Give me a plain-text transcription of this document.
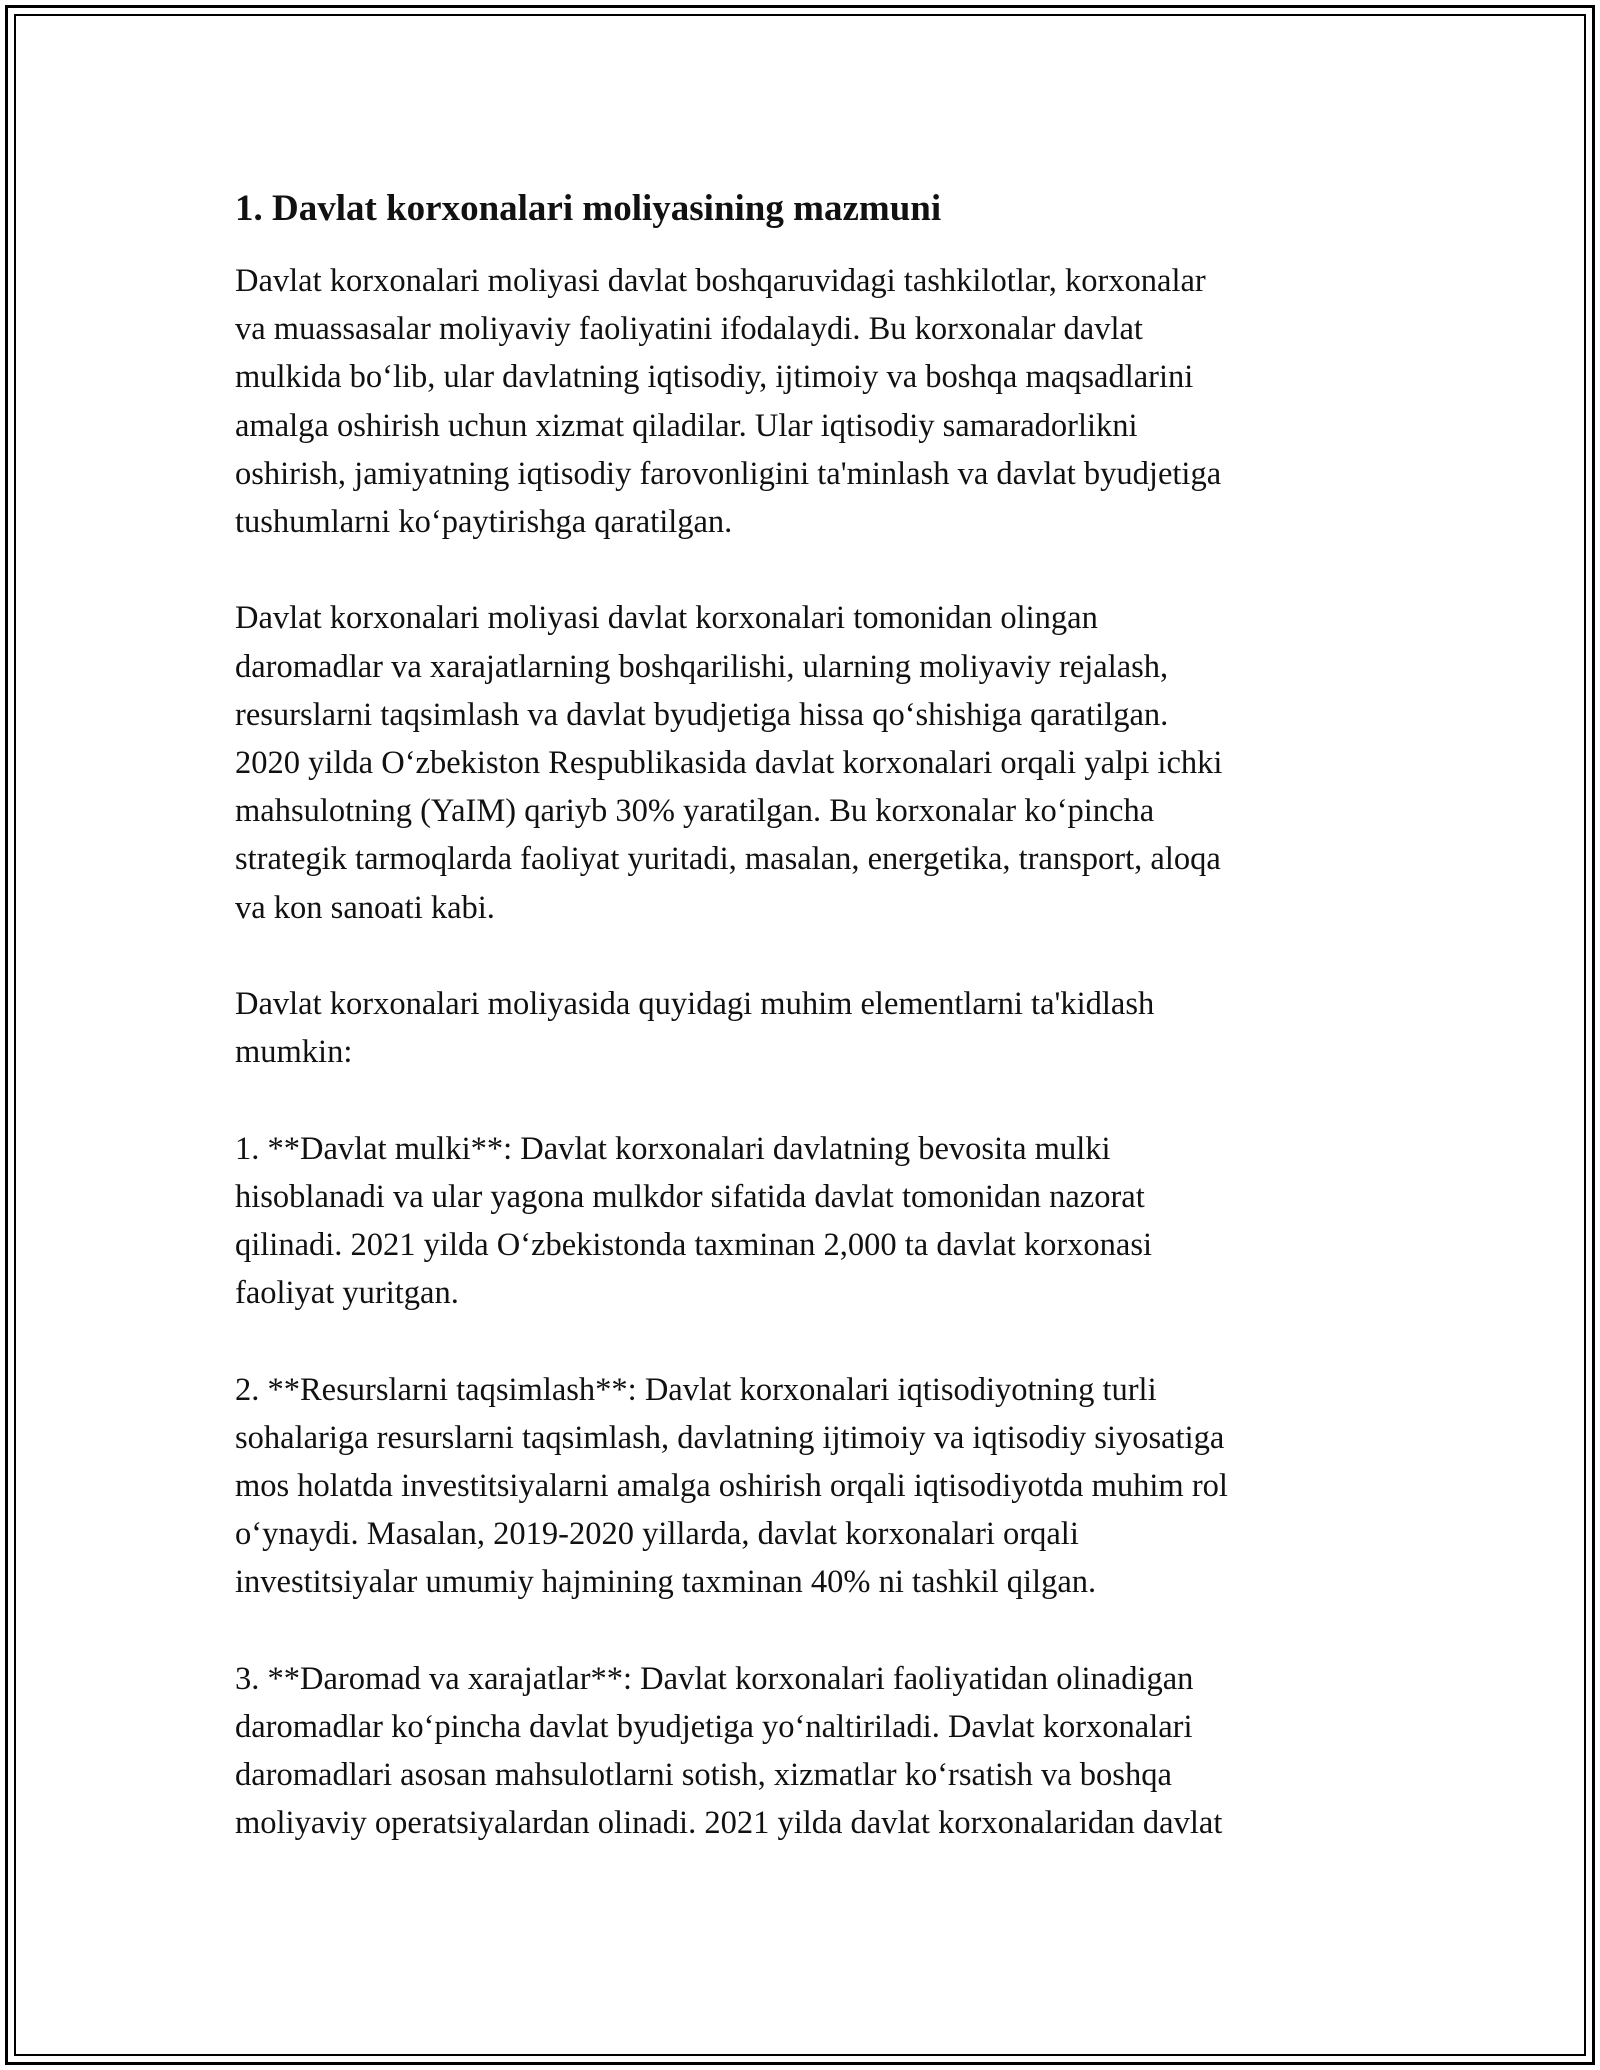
1. Davlat korxonalari moliyasining mazmuni
Davlat korxonalari moliyasi davlat boshqaruvidagi tashkilotlar, korxonalar
va muassasalar moliyaviy faoliyatini ifodalaydi. Bu korxonalar davlat
mulkida bo‘lib, ular davlatning iqtisodiy, ijtimoiy va boshqa maqsadlarini
amalga oshirish uchun xizmat qiladilar. Ular iqtisodiy samaradorlikni
oshirish, jamiyatning iqtisodiy farovonligini ta'minlash va davlat byudjetiga
tushumlarni ko‘paytirishga qaratilgan.
Davlat korxonalari moliyasi davlat korxonalari tomonidan olingan
daromadlar va xarajatlarning boshqarilishi, ularning moliyaviy rejalash,
resurslarni taqsimlash va davlat byudjetiga hissa qo‘shishiga qaratilgan.
2020 yilda O‘zbekiston Respublikasida davlat korxonalari orqali yalpi ichki
mahsulotning (YaIM) qariyb 30% yaratilgan. Bu korxonalar ko‘pincha
strategik tarmoqlarda faoliyat yuritadi, masalan, energetika, transport, aloqa
va kon sanoati kabi.
Davlat korxonalari moliyasida quyidagi muhim elementlarni ta'kidlash
mumkin:
1. **Davlat mulki**: Davlat korxonalari davlatning bevosita mulki
hisoblanadi va ular yagona mulkdor sifatida davlat tomonidan nazorat
qilinadi. 2021 yilda O‘zbekistonda taxminan 2,000 ta davlat korxonasi
faoliyat yuritgan.
2. **Resurslarni taqsimlash**: Davlat korxonalari iqtisodiyotning turli
sohalariga resurslarni taqsimlash, davlatning ijtimoiy va iqtisodiy siyosatiga
mos holatda investitsiyalarni amalga oshirish orqali iqtisodiyotda muhim rol
o‘ynaydi. Masalan, 2019-2020 yillarda, davlat korxonalari orqali
investitsiyalar umumiy hajmining taxminan 40% ni tashkil qilgan.
3. **Daromad va xarajatlar**: Davlat korxonalari faoliyatidan olinadigan
daromadlar ko‘pincha davlat byudjetiga yo‘naltiriladi. Davlat korxonalari
daromadlari asosan mahsulotlarni sotish, xizmatlar ko‘rsatish va boshqa
moliyaviy operatsiyalardan olinadi. 2021 yilda davlat korxonalaridan davlat
